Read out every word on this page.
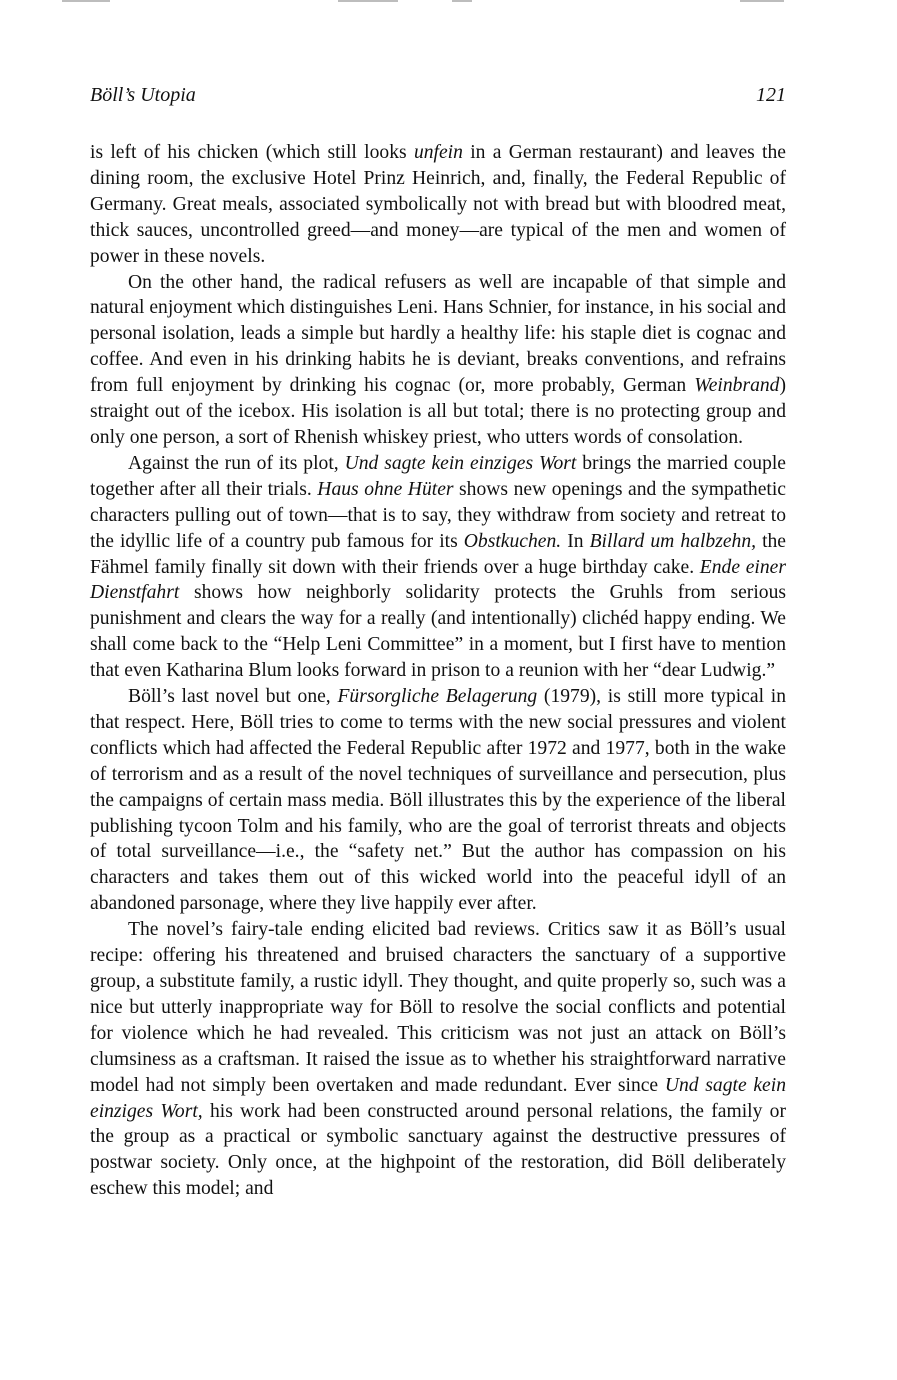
Böll’s Utopia	121

is left of his chicken (which still looks unfein in a German restaurant) and leaves the dining room, the exclusive Hotel Prinz Heinrich, and, finally, the Federal Republic of Germany. Great meals, associated symbolically not with bread but with bloodred meat, thick sauces, uncontrolled greed—and money—are typical of the men and women of power in these novels.

On the other hand, the radical refusers as well are incapable of that simple and natural enjoyment which distinguishes Leni. Hans Schnier, for instance, in his social and personal isolation, leads a simple but hardly a healthy life: his staple diet is cognac and coffee. And even in his drinking habits he is deviant, breaks conventions, and refrains from full enjoyment by drinking his cognac (or, more probably, German Weinbrand) straight out of the icebox. His isolation is all but total; there is no protecting group and only one person, a sort of Rhenish whiskey priest, who utters words of consolation.

Against the run of its plot, Und sagte kein einziges Wort brings the married couple together after all their trials. Haus ohne Hüter shows new openings and the sympathetic characters pulling out of town—that is to say, they withdraw from society and retreat to the idyllic life of a country pub famous for its Obstkuchen. In Billard um halbzehn, the Fähmel family finally sit down with their friends over a huge birthday cake. Ende einer Dienstfahrt shows how neighborly solidarity protects the Gruhls from serious punishment and clears the way for a really (and intentionally) clichéd happy ending. We shall come back to the “Help Leni Committee” in a moment, but I first have to mention that even Katharina Blum looks forward in prison to a reunion with her “dear Ludwig.”

Böll’s last novel but one, Fürsorgliche Belagerung (1979), is still more typical in that respect. Here, Böll tries to come to terms with the new social pressures and violent conflicts which had affected the Federal Republic after 1972 and 1977, both in the wake of terrorism and as a result of the novel techniques of surveillance and persecution, plus the campaigns of certain mass media. Böll illustrates this by the experience of the liberal publishing tycoon Tolm and his family, who are the goal of terrorist threats and objects of total surveillance—i.e., the “safety net.” But the author has compassion on his characters and takes them out of this wicked world into the peaceful idyll of an abandoned parsonage, where they live happily ever after.

The novel’s fairy-tale ending elicited bad reviews. Critics saw it as Böll’s usual recipe: offering his threatened and bruised characters the sanctuary of a supportive group, a substitute family, a rustic idyll. They thought, and quite properly so, such was a nice but utterly inappropriate way for Böll to resolve the social conflicts and potential for violence which he had revealed. This criticism was not just an attack on Böll’s clumsiness as a craftsman. It raised the issue as to whether his straightforward narrative model had not simply been overtaken and made redundant. Ever since Und sagte kein einziges Wort, his work had been constructed around personal relations, the family or the group as a practical or symbolic sanctuary against the destructive pressures of postwar society. Only once, at the highpoint of the restoration, did Böll deliberately eschew this model; and
